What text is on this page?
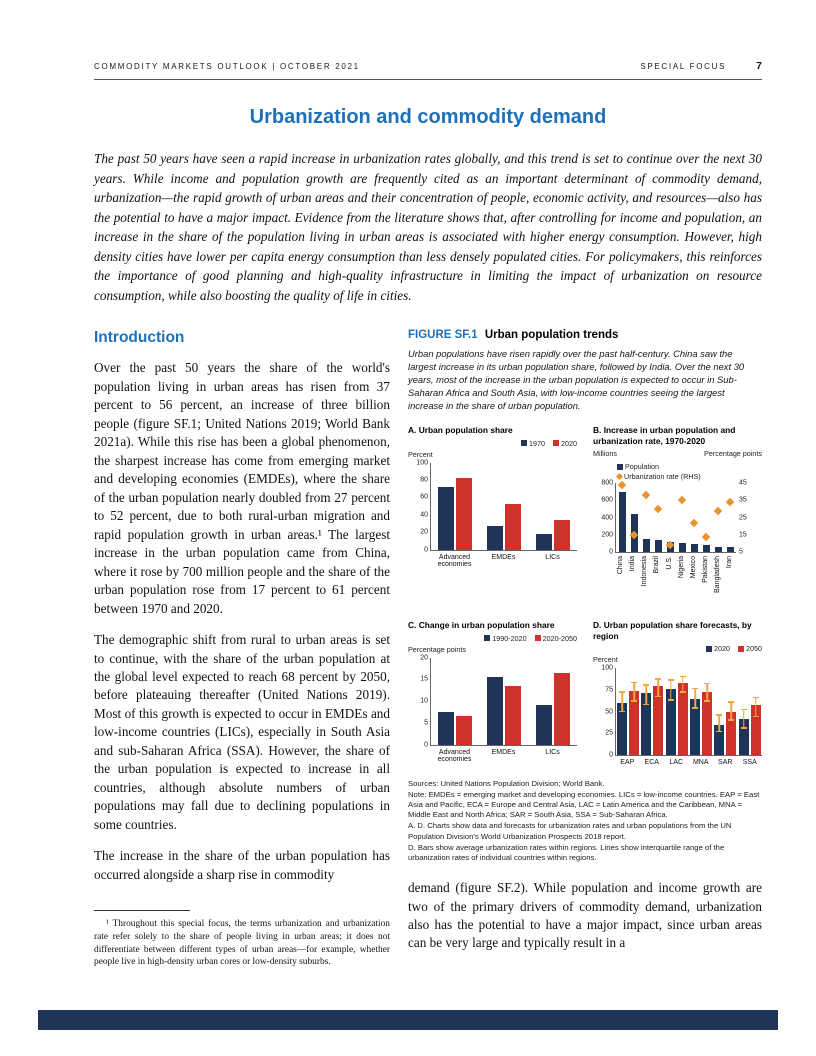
COMMODITY MARKETS OUTLOOK | OCTOBER 2021	SPECIAL FOCUS	7
Urbanization and commodity demand

The past 50 years have seen a rapid increase in urbanization rates globally, and this trend is set to continue over the next 30 years. While income and population growth are frequently cited as an important determinant of commodity demand, urbanization—the rapid growth of urban areas and their concentration of people, economic activity, and resources—also has the potential to have a major impact. Evidence from the literature shows that, after controlling for income and population, an increase in the share of the population living in urban areas is associated with higher energy consumption. However, high density cities have lower per capita energy consumption than less densely populated cities. For policymakers, this reinforces the importance of good planning and high-quality infrastructure in limiting the impact of urbanization on resource consumption, while also boosting the quality of life in cities.

Introduction

Over the past 50 years the share of the world's population living in urban areas has risen from 37 percent to 56 percent, an increase of three billion people (figure SF.1; United Nations 2019; World Bank 2021a). While this rise has been a global phenomenon, the sharpest increase has come from emerging market and developing economies (EMDEs), where the share of the urban population nearly doubled from 27 percent to 52 percent, due to both rural-urban migration and rapid population growth in urban areas.¹ The largest increase in the urban population came from China, where it rose by 700 million people and the share of the urban population rose from 17 percent to 61 percent between 1970 and 2020.

The demographic shift from rural to urban areas is set to continue, with the share of the urban population at the global level expected to reach 68 percent by 2050, before plateauing thereafter (United Nations 2019). Most of this growth is expected to occur in EMDEs and low-income countries (LICs), especially in South Asia and sub-Saharan Africa (SSA). However, the share of the urban population is expected to increase in all countries, although absolute numbers of urban populations may fall due to declining populations in some countries.

The increase in the share of the urban population has occurred alongside a sharp rise in commodity

¹ Throughout this special focus, the terms urbanization and urbanization rate refer solely to the share of people living in urban areas; it does not differentiate between different types of urban areas—for example, whether people live in high-density urban cores or low-density suburbs.

FIGURE SF.1 Urban population trends

Urban populations have risen rapidly over the past half-century. China saw the largest increase in its urban population share, followed by India. Over the next 30 years, most of the increase in the urban population is expected to occur in Sub-Saharan Africa and South Asia, with low-income countries seeing the largest increase in the share of urban population.

A. Urban population share
1970 2020
Percent
0
20
40
60
80
100
Advanced economies
EMDEs	LICs
B. Increase in urban population and urbanization rate, 1970-2020
Millions	Percentage points
Population
Urbanization rate (RHS)
0
200
400
600
800
5
15
25
35
45
China India Indonesia Brazil U.S. Nigeria Mexico Pakistan Bangladesh Iran
C. Change in urban population share
1990-2020 2020-2050
Percentage points
0
5
10
15
20
Advanced economies
EMDEs	LICs
D. Urban population share forecasts, by region
2020 2050
Percent
0
25
50
75
100
EAP ECA LAC MNA SAR SSA

Sources: United Nations Population Division; World Bank.

Note: EMDEs = emerging market and developing economies. LICs = low-income countries. EAP = East Asia and Pacific, ECA = Europe and Central Asia, LAC = Latin America and the Caribbean, MNA = Middle East and North Africa; SAR = South Asia, SSA = Sub-Saharan Africa.

A. D. Charts show data and forecasts for urbanization rates and urban populations from the UN Population Division's World Urbanization Prospects 2018 report.

D. Bars show average urbanization rates within regions. Lines show interquartile range of the urbanization rates of individual countries within regions.

demand (figure SF.2). While population and income growth are two of the primary drivers of commodity demand, urbanization also has the potential to have a major impact, since urban areas can be very large and typically result in a
